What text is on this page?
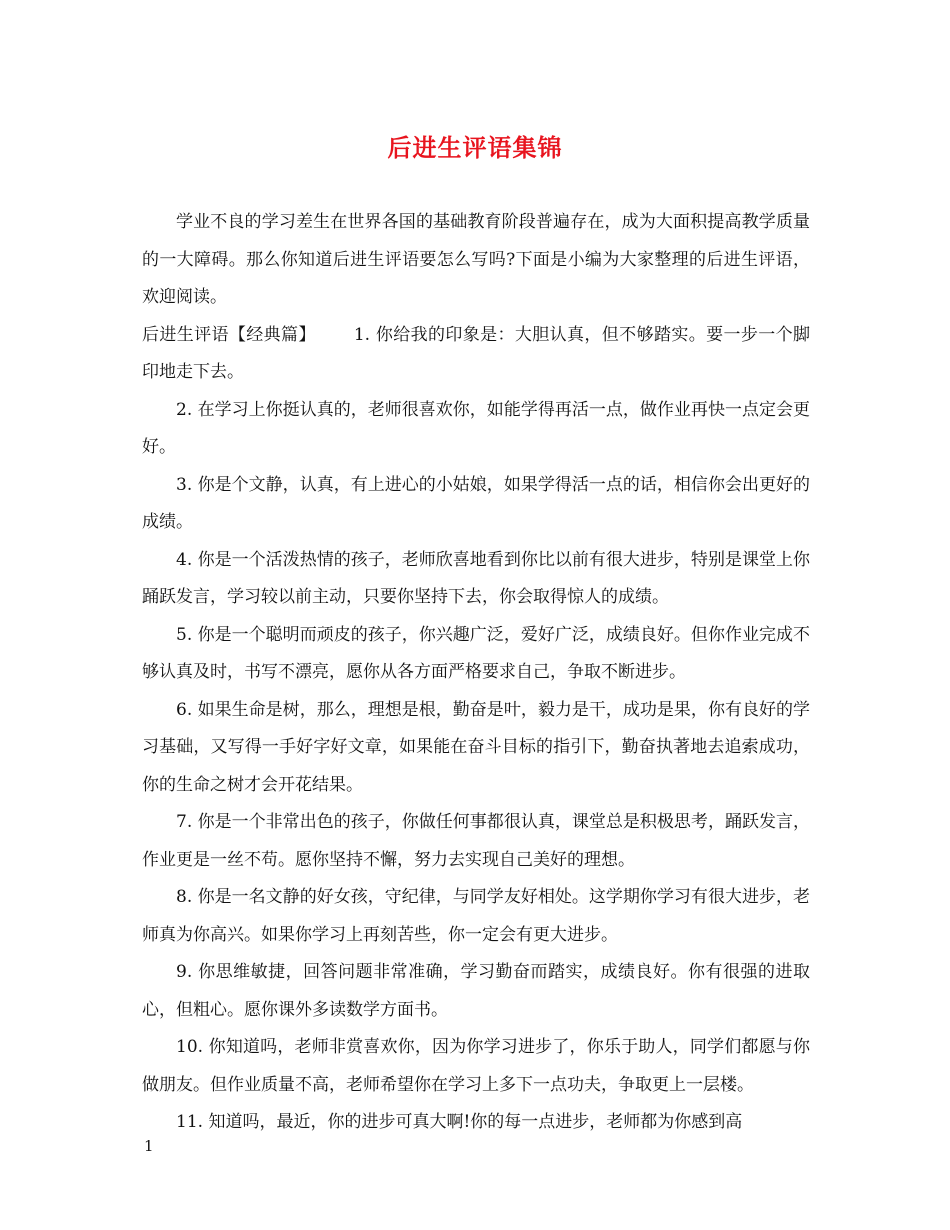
后进生评语集锦

学业不良的学习差生在世界各国的基础教育阶段普遍存在，成为大面积提高教学质量的一大障碍。那么你知道后进生评语要怎么写吗?下面是小编为大家整理的后进生评语，欢迎阅读。

后进生评语【经典篇】 1. 你给我的印象是：大胆认真，但不够踏实。要一步一个脚印地走下去。

2. 在学习上你挺认真的，老师很喜欢你，如能学得再活一点，做作业再快一点定会更好。

3. 你是个文静，认真，有上进心的小姑娘，如果学得活一点的话，相信你会出更好的成绩。

4. 你是一个活泼热情的孩子，老师欣喜地看到你比以前有很大进步，特别是课堂上你踊跃发言，学习较以前主动，只要你坚持下去，你会取得惊人的成绩。

5. 你是一个聪明而顽皮的孩子，你兴趣广泛，爱好广泛，成绩良好。但你作业完成不够认真及时，书写不漂亮，愿你从各方面严格要求自己，争取不断进步。

6. 如果生命是树，那么，理想是根，勤奋是叶，毅力是干，成功是果，你有良好的学习基础，又写得一手好字好文章，如果能在奋斗目标的指引下，勤奋执著地去追索成功，你的生命之树才会开花结果。

7. 你是一个非常出色的孩子，你做任何事都很认真，课堂总是积极思考，踊跃发言，作业更是一丝不苟。愿你坚持不懈，努力去实现自己美好的理想。

8. 你是一名文静的好女孩，守纪律，与同学友好相处。这学期你学习有很大进步，老师真为你高兴。如果你学习上再刻苦些，你一定会有更大进步。

9. 你思维敏捷，回答问题非常准确，学习勤奋而踏实，成绩良好。你有很强的进取心，但粗心。愿你课外多读数学方面书。

10. 你知道吗，老师非赏喜欢你，因为你学习进步了，你乐于助人，同学们都愿与你做朋友。但作业质量不高，老师希望你在学习上多下一点功夫，争取更上一层楼。

11. 知道吗，最近，你的进步可真大啊!你的每一点进步，老师都为你感到高

1
